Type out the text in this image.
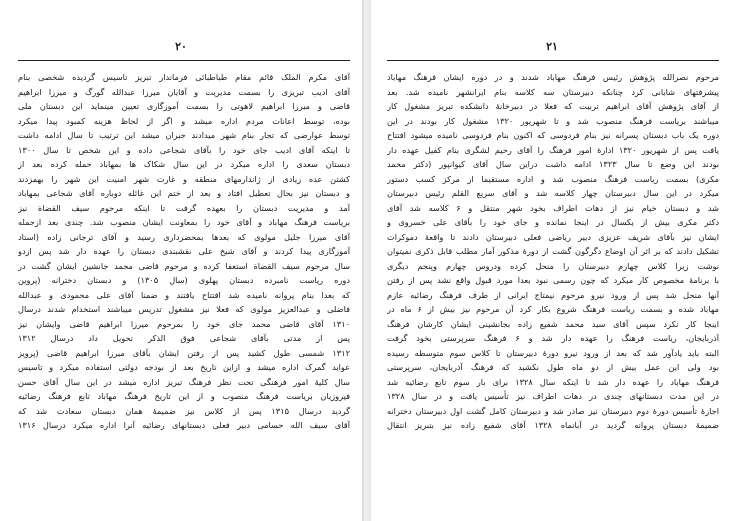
۲۰
آقای مکرم الملک قائم مقام طباطبائی فرماندار تبریز تاسیس گردیده شخصی بنام
آقای ادیب تبریزی را بسمت مدیریت و آقایان میرزا عبدالله گورگ و میرزا ابراهیم
قاضی و میرزا ابراهیم لاهوتی را بسمت آموزگاری تعیین مینماید این دبستان ملی
بوده، توسط اعانات مردم اداره میشد و اگر از لحاظ هزینه کمبود پیدا میکرد
توسط عوارضی که تجار بنام شهر میدادند جبران میشد این ترتیب تا سال ادامه داشت
تا اینکه آقای ادیب جای خود را بآقای شجاعی داده و این شخص تا سال ۱۳۰۰
دبستان سعدی را اداره میکرد در این سال شکاک ها بمهاباد حمله کرده بعد از
کشتن عده زیادی از ژاندارمهای منطقه و غارت شهر امنیت این شهر را بهمزدند
و دبستان نیز بحال تعطیل افتاد و بعد از ختم این غائله دوباره آقای شجاعی بمهاباد
آمد و مدیریت دبستان را بعهده گرفت تا اینکه مرحوم سیف القضاة نیز
بریاست فرهنگ مهاباد و آقای خود را بمعاونت ایشان منصوب شد. چندی بعد ازجمله
آقای میرزا جلیل مولوی که بعدها بمحضرداری رسید و آقای ترجانی زاده (استاد
آموزگاری پیدا کردند و آقای شیخ علی نقشبندی دبستان را عهده دار شد پس ازدو
سال مرحوم سیف القضاة استعفا کرده و مرحوم قاضی محمد جانشین ایشان گشت در
دوره ریاست نامبرده دبستان پهلوی (سال ۱۳۰۵) و دبستان دخترانه (پروین
که بعدا بنام پروانه نامیده شد افتتاح یافتند و ضمنا آقای علی محمودی و عبدالله
فاضلی و عبدالعزیز مولوی که فعلا نیز مشغول تدریس میباشند استخدام شدند درسال
۱۳۱۰ آقای قاضی محمد جای خود را بمرحوم میرزا ابراهیم قاضی وایشان نیز
پس از مدتی بآقای شجاعی فوق الذکر تحویل داد درسال ۱۳۱۲
۱۳۱۲ شمسی طول کشید پس از رفتن ایشان بآقای میرزا ابراهیم قاضی (پرویز
عواید گمرک اداره میشد و ازاین تاریخ بعد از بودجه دولتی استفاده میکرد و تاسیس
سال کلیۀ امور فرهنگی تحت نظر فرهنگ تبریز اداره میشد در این سال آقای حسن
فیروزیان بریاست فرهنگ منصوب و از این تاریخ فرهنگ مهاباد تابع فرهنگ رضائیه
گردید درسال ۱۳۱۵ پس از کلاس نیز ضمیمۀ همان دبستان سعادت شد که
آقای سیف الله حسامی دبیر فعلی دبستانهای رضائیه آنرا اداره میکرد درسال ۱۳۱۶
۲۱
مرحوم نصرالله پژوهش رئیس فرهنگ مهاباد شدند و در دوره ایشان فرهنگ مهاباد
پیشرفتهای شایانی کرد چنانکه دبیرستان سه کلاسه بنام ایرانشهر نامیده شد. بعد
از آقای پژوهش آقای ابراهیم تربیت که فعلا در دبیرخانۀ دانشکده تبریز مشغول کار
میباشند بریاست فرهنگ منصوب شد و تا شهریور ۱۳۲۰ مشغول کار بودند در این
دوره یک باب دبستان پسرانه نیز بنام فردوسی که اکنون بنام فردوسی نامیده میشود افتتاح
یافت پس از شهریور ۱۳۲۰ ادارۀ امور فرهنگ را آقای رحیم لشگری بنام کفیل عهده دار
بودند این وضع تا سال ۱۳۲۳ ادامه داشت دراین سال آقای کیوانپور (دکتر محمد
مکری) بسمت ریاست فرهنگ منصوب شد و اداره مستقیما از مرکز کسب دستور
میکرد در این سال دبیرستان چهار کلاسه شد و آقای سریع القلم رئیس دبیرستان
شد و دبستان خیام نیز از دهات اطراف بخود شهر منتقل و ۶ کلاسه شد آقای
دکتر مکری بیش از یکسال در اینجا نمانده و جای خود را بآقای علی خسروی و
ایشان نیز بآقای شریف عزیزی دبیر ریاضی فعلی دبیرستان دادند تا واقعۀ دموکرات
تشکیل دادند که بر اثر آن اوضاع دگرگون گشت از دورۀ مذکور آمار مطلب قابل ذکری نمیتوان
نوشت زیرا کلاس چهارم دبیرستان را منحل کرده ودروس چهارم وپنجم دیگری
با برنامۀ مخصوص کار میکرد که چون رسمی نبود بعدا مورد قبول واقع نشد پس از رفتن
آنها منحل شد پس از ورود نیرو مرحوم نیمتاج ایرانی از طرف فرهنگ رضائیه عازم
مهاباد شده و بسمت ریاست فرهنگ شروع بکار کرد آن مرحوم نیز بیش از ۶ ماه در
اینجا کار نکرد سپس آقای سید محمد شفیع زاده بجانشینی ایشان کارشان فرهنگ
آذربایجان، ریاست فرهنگ را عهده دار شد و ۶ فرهنگ سرپرستی بخود گرفت
البته باید یادآور شد که بعد از ورود نیرو دورۀ دبیرستان تا کلاس سوم متوسطه رسیده
بود ولی این عمل بیش از دو ماه طول نکشید که فرهنگ آذربایجان، سرپرستی
فرهنگ مهاباد را عهده دار شد تا اینکه سال ۱۳۲۸ برای بار سوم تابع رضائیه شد
در این مدت دبستانهای چندی در دهات اطراف نیز تأسیس یافت و در سال ۱۳۲۸
اجازۀ تأسیس دورۀ دوم دبیرستان نیز صادر شد و دبیرستان کامل گشت اول دبیرستان دخترانه
ضمیمۀ دبستان پروانه گردید در آبانماه ۱۳۲۸ آقای شفیع زاده نیز بتبریز انتقال
